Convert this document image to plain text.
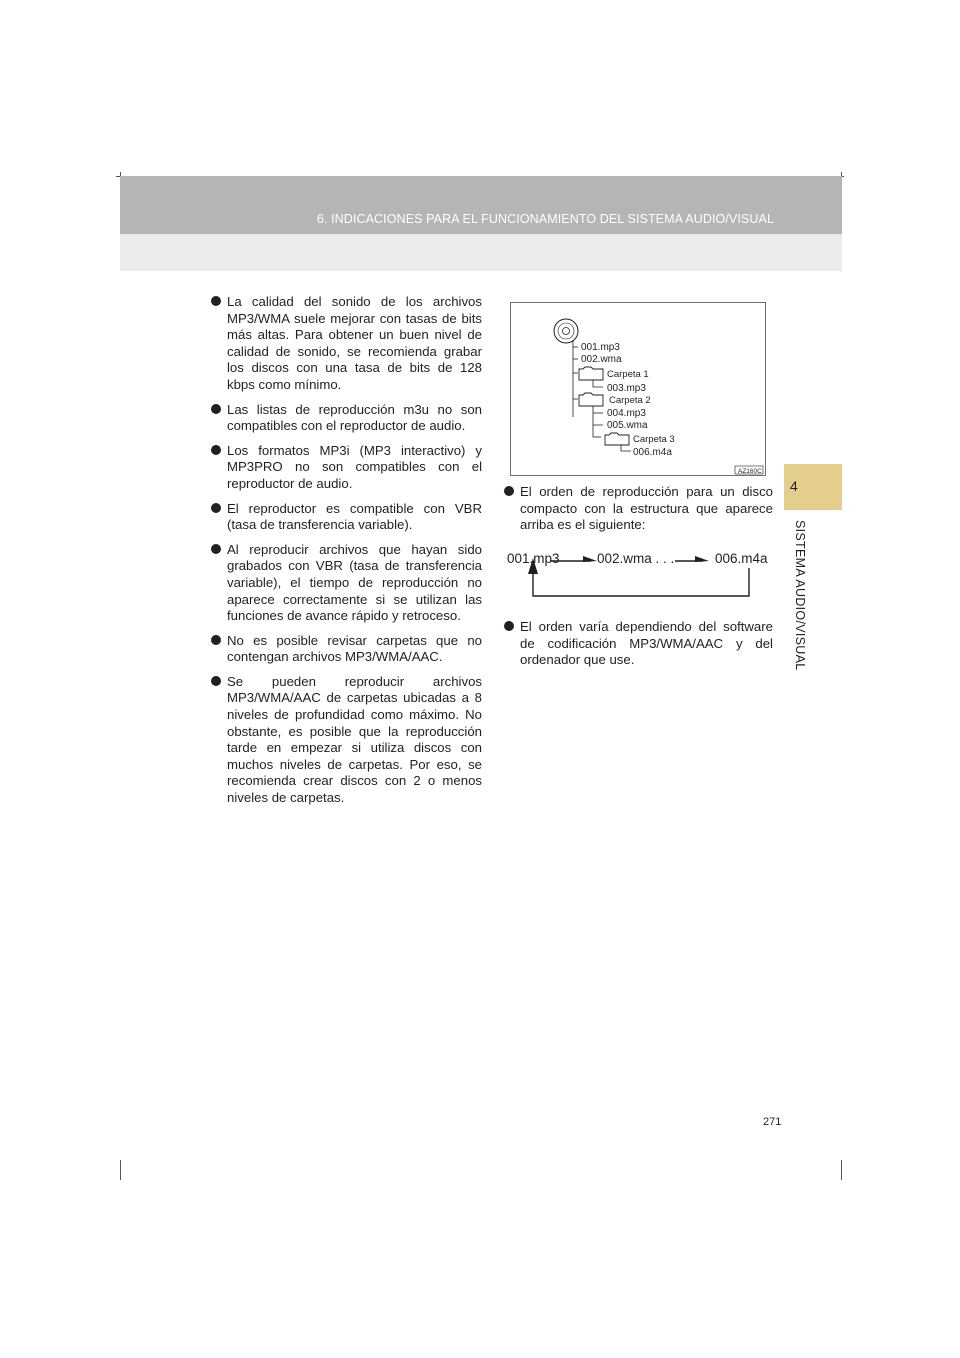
6. INDICACIONES PARA EL FUNCIONAMIENTO DEL SISTEMA AUDIO/VISUAL
4
SISTEMA AUDIO/VISUAL
La calidad del sonido de los archivos MP3/WMA suele mejorar con tasas de bits más altas. Para obtener un buen nivel de calidad de sonido, se recomienda grabar los discos con una tasa de bits de 128 kbps como mínimo.
Las listas de reproducción m3u no son compatibles con el reproductor de audio.
Los formatos MP3i (MP3 interactivo) y MP3PRO no son compatibles con el reproductor de audio.
El reproductor es compatible con VBR (tasa de transferencia variable).
Al reproducir archivos que hayan sido grabados con VBR (tasa de transferencia variable), el tiempo de reproducción no aparece correctamente si se utilizan las funciones de avance rápido y retroceso.
No es posible revisar carpetas que no contengan archivos MP3/WMA/AAC.
Se pueden reproducir archivos MP3/WMA/AAC de carpetas ubicadas a 8 niveles de profundidad como máximo. No obstante, es posible que la reproducción tarde en empezar si utiliza discos con muchos niveles de carpetas. Por eso, se recomienda crear discos con 2 o menos niveles de carpetas.
001.mp3
002.wma
Carpeta 1
003.mp3
Carpeta 2
004.mp3
005.wma
Carpeta 3
006.m4a
AZ160C
El orden de reproducción para un disco compacto con la estructura que aparece arriba es el siguiente:
001.mp3	002.wma . . .	006.m4a
El orden varía dependiendo del software de codificación MP3/WMA/AAC y del ordenador que use.
271
